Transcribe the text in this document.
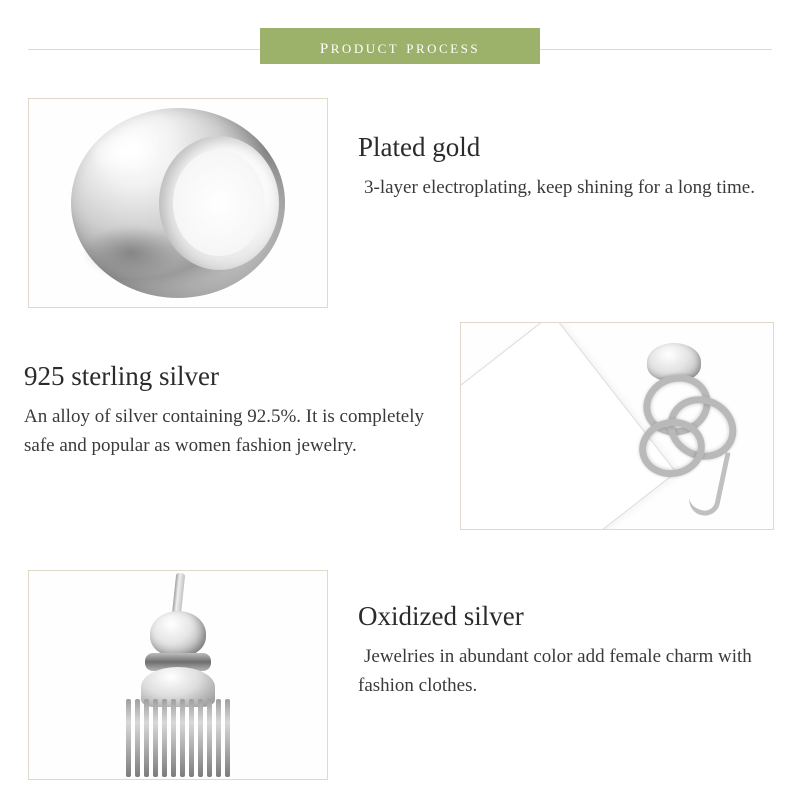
product process
Plated gold
3-layer electroplating, keep shining for a long time.
925 sterling silver
An alloy of silver containing 92.5%. It is completely safe and popular as women fashion jewelry.
Oxidized silver
Jewelries in abundant color add female charm with fashion clothes.
